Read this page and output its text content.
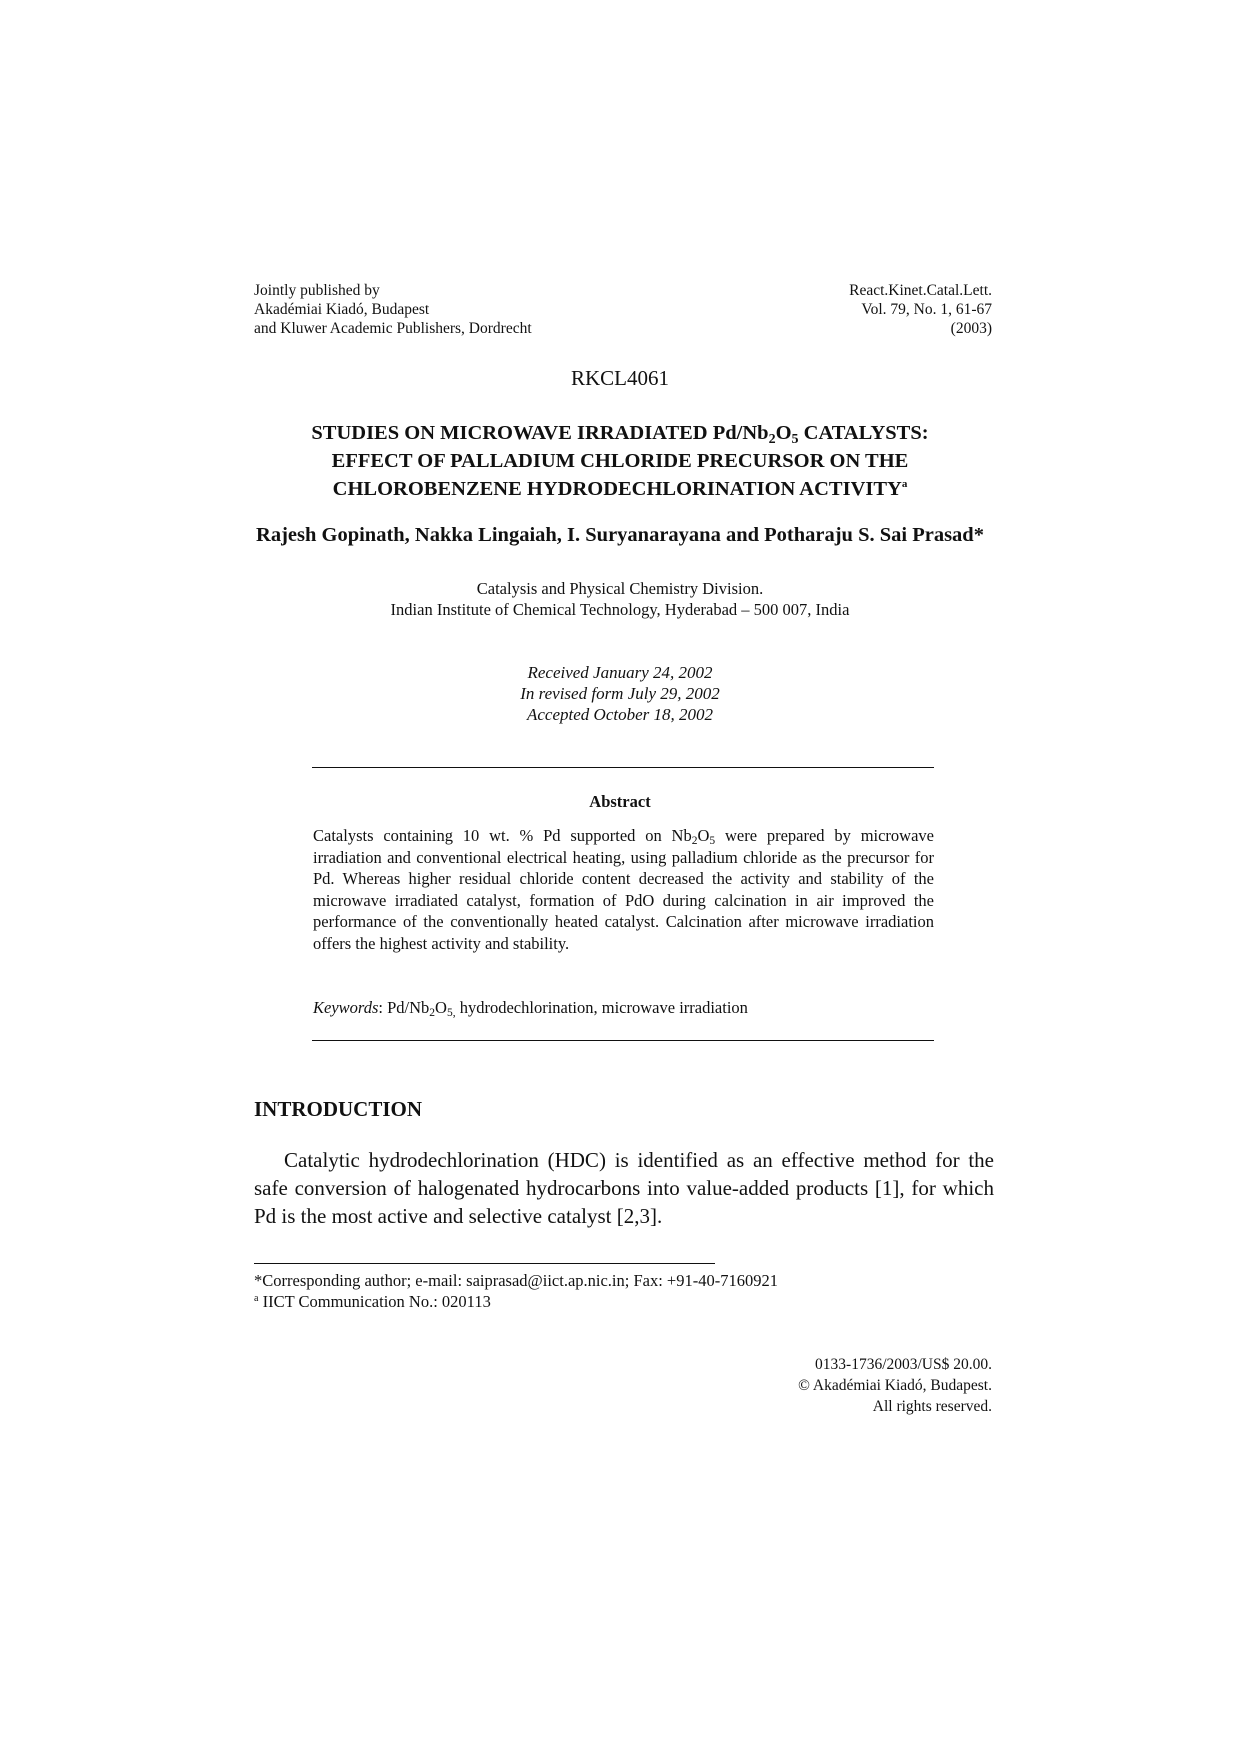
Jointly published by
Akadémiai Kiadó, Budapest
and Kluwer Academic Publishers, Dordrecht
React.Kinet.Catal.Lett.
Vol. 79, No. 1, 61-67
(2003)
RKCL4061
STUDIES ON MICROWAVE IRRADIATED $Pd/Nb_2O_5$ CATALYSTS:
EFFECT OF PALLADIUM CHLORIDE PRECURSOR ON THE
CHLOROBENZENE HYDRODECHLORINATION ACTIVITY$^a$
Rajesh Gopinath, Nakka Lingaiah, I. Suryanarayana and Potharaju S. Sai Prasad*
Catalysis and Physical Chemistry Division.
Indian Institute of Chemical Technology, Hyderabad – 500 007, India
Received January 24, 2002
In revised form July 29, 2002
Accepted October 18, 2002
Abstract
Catalysts containing 10 wt. % Pd supported on $Nb_2O_5$ were prepared by microwave irradiation and conventional electrical heating, using palladium chloride as the precursor for Pd. Whereas higher residual chloride content decreased the activity and stability of the microwave irradiated catalyst, formation of PdO during calcination in air improved the performance of the conventionally heated catalyst. Calcination after microwave irradiation offers the highest activity and stability.
Keywords: $Pd/Nb_2O_{5,}$ hydrodechlorination, microwave irradiation
INTRODUCTION
Catalytic hydrodechlorination (HDC) is identified as an effective method for the safe conversion of halogenated hydrocarbons into value-added products [1], for which Pd is the most active and selective catalyst [2,3].
*Corresponding author; e-mail: saiprasad@iict.ap.nic.in; Fax: +91-40-7160921
$^a$ IICT Communication No.: 020113
0133-1736/2003/US$ 20.00.
© Akadémiai Kiadó, Budapest.
All rights reserved.
